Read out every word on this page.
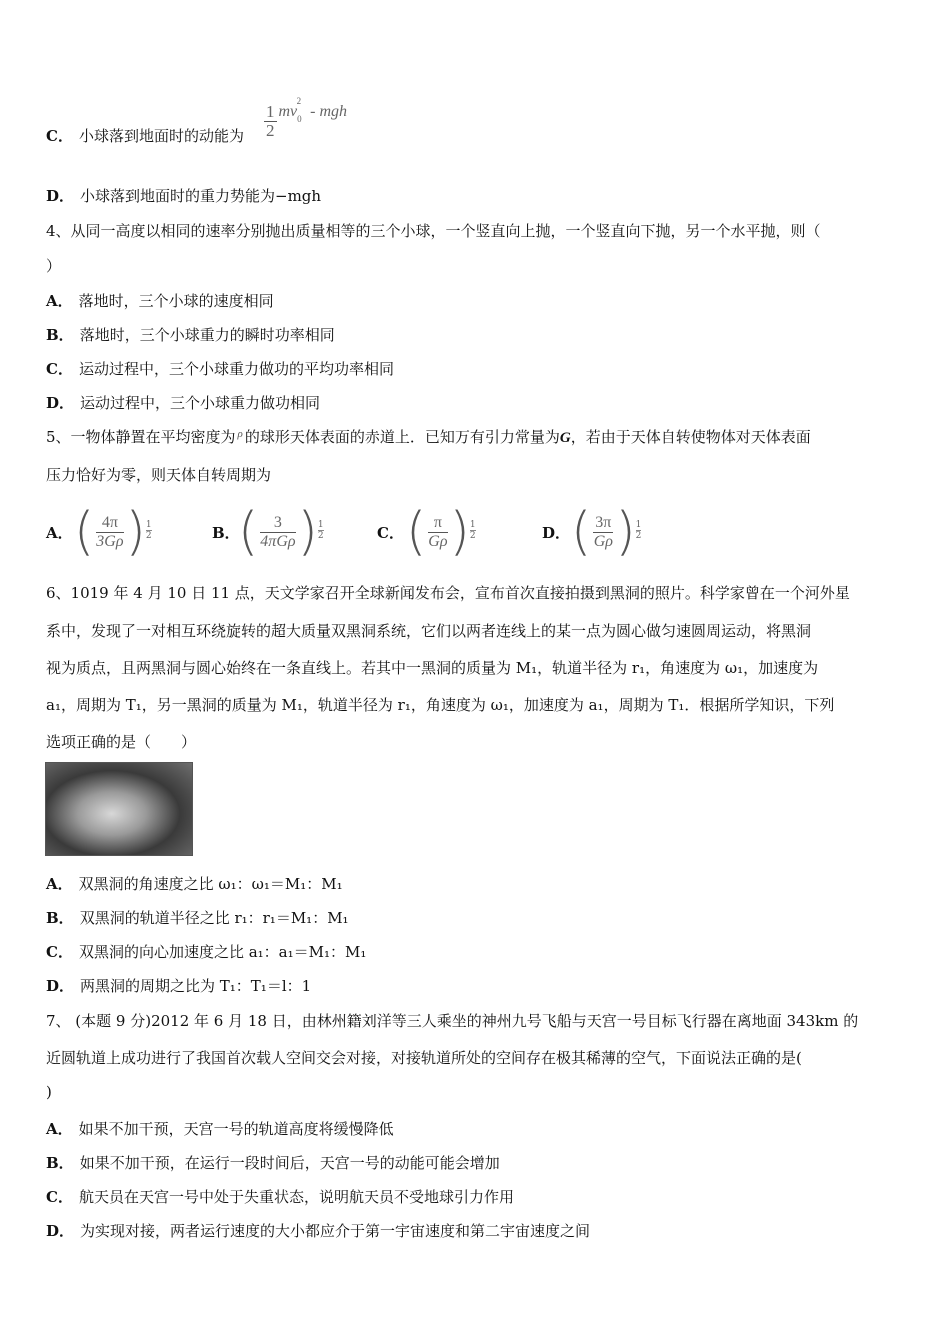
C． 小球落到地面时的动能为 $\frac{1}{2} mv^{02}$ - mgh
D． 小球落到地面时的重力势能为−mgh
4、从同一高度以相同的速率分别抛出质量相等的三个小球，一个竖直向上抛，一个竖直向下抛，另一个水平抛，则（
）
A． 落地时，三个小球的速度相同
B． 落地时，三个小球重力的瞬时功率相同
C． 运动过程中，三个小球重力做功的平均功率相同
D． 运动过程中，三个小球重力做功相同
5、一物体静置在平均密度为 $^\rho$ 的球形天体表面的赤道上．已知万有引力常量为G，若由于天体自转使物体对天体表面
压力恰好为零，则天体自转周期为
A． ( $\frac{4\pi}{3G\rho}$ ) $\frac{1}{2}$	B．
( $\frac{3}{\text{4πGρ}}$ ) $\frac{1}{2}$	C． ( $\frac{\pi}{G\rho}$ ) $\frac{1}{2}$	D． ( $\frac{3\pi}{G\rho}$ ) $\frac{1}{2}$
6、1019 年 4 月 10 日 11 点，天文学家召开全球新闻发布会，宣布首次直接拍摄到黑洞的照片。科学家曾在一个河外星
系中，发现了一对相互环绕旋转的超大质量双黑洞系统，它们以两者连线上的某一点为圆心做匀速圆周运动，将黑洞
视为质点，且两黑洞与圆心始终在一条直线上。若其中一黑洞的质量为 M₁，轨道半径为 r₁，角速度为 ω₁，加速度为
a₁，周期为 T₁，另一黑洞的质量为 M₁，轨道半径为 r₁，角速度为 ω₁，加速度为 a₁，周期为 T₁．根据所学知识，下列
选项正确的是（　　）
A． 双黑洞的角速度之比 ω₁：ω₁＝M₁：M₁
B． 双黑洞的轨道半径之比 r₁：r₁＝M₁：M₁
C． 双黑洞的向心加速度之比 a₁：a₁＝M₁：M₁
D． 两黑洞的周期之比为 T₁：T₁＝l：1
7、 (本题 9 分)2012 年 6 月 18 日，由林州籍刘洋等三人乘坐的神州九号飞船与天宫一号目标飞行器在离地面 343km 的
近圆轨道上成功进行了我国首次载人空间交会对接，对接轨道所处的空间存在极其稀薄的空气，下面说法正确的是(
)
A． 如果不加干预，天宫一号的轨道高度将缓慢降低
B． 如果不加干预，在运行一段时间后，天宫一号的动能可能会增加
C． 航天员在天宫一号中处于失重状态，说明航天员不受地球引力作用
D． 为实现对接，两者运行速度的大小都应介于第一宇宙速度和第二宇宙速度之间
